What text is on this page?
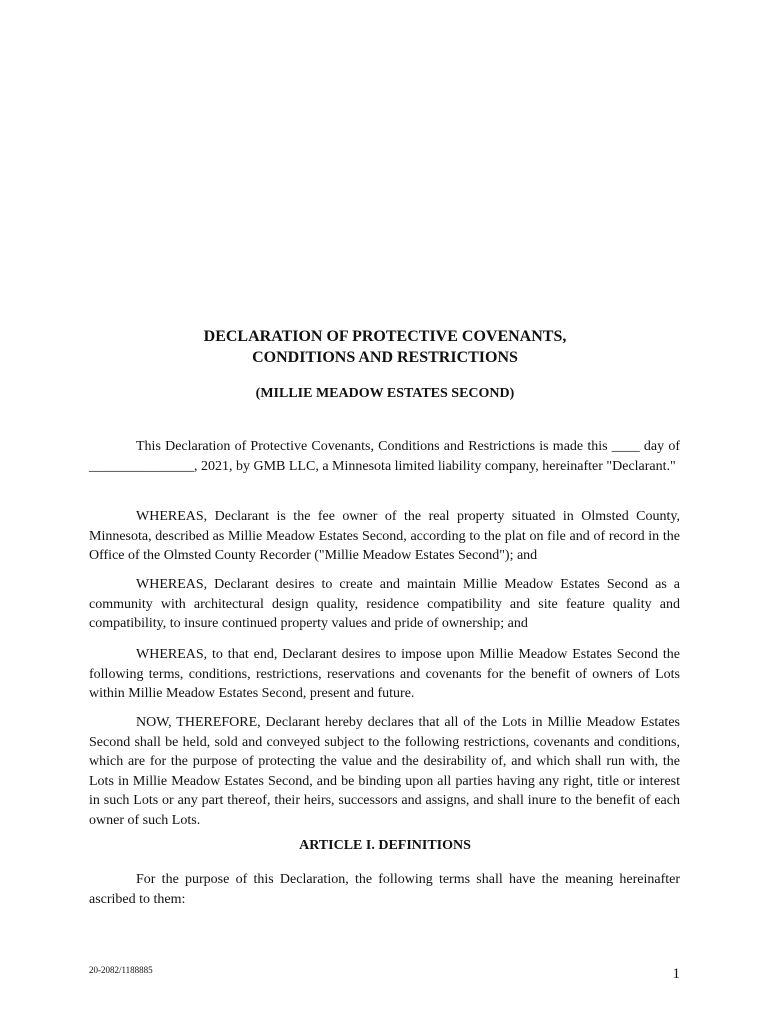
DECLARATION OF PROTECTIVE COVENANTS,
CONDITIONS AND RESTRICTIONS
(MILLIE MEADOW ESTATES SECOND)

This Declaration of Protective Covenants, Conditions and Restrictions is made this ____ day of _______________, 2021, by GMB LLC, a Minnesota limited liability company, hereinafter "Declarant."

WHEREAS, Declarant is the fee owner of the real property situated in Olmsted County, Minnesota, described as Millie Meadow Estates Second, according to the plat on file and of record in the Office of the Olmsted County Recorder ("Millie Meadow Estates Second"); and

WHEREAS, Declarant desires to create and maintain Millie Meadow Estates Second as a community with architectural design quality, residence compatibility and site feature quality and compatibility, to insure continued property values and pride of ownership; and

WHEREAS, to that end, Declarant desires to impose upon Millie Meadow Estates Second the following terms, conditions, restrictions, reservations and covenants for the benefit of owners of Lots within Millie Meadow Estates Second, present and future.

NOW, THEREFORE, Declarant hereby declares that all of the Lots in Millie Meadow Estates Second shall be held, sold and conveyed subject to the following restrictions, covenants and conditions, which are for the purpose of protecting the value and the desirability of, and which shall run with, the Lots in Millie Meadow Estates Second, and be binding upon all parties having any right, title or interest in such Lots or any part thereof, their heirs, successors and assigns, and shall inure to the benefit of each owner of such Lots.

ARTICLE I. DEFINITIONS

For the purpose of this Declaration, the following terms shall have the meaning hereinafter ascribed to them:

20-2082/1188885	1
